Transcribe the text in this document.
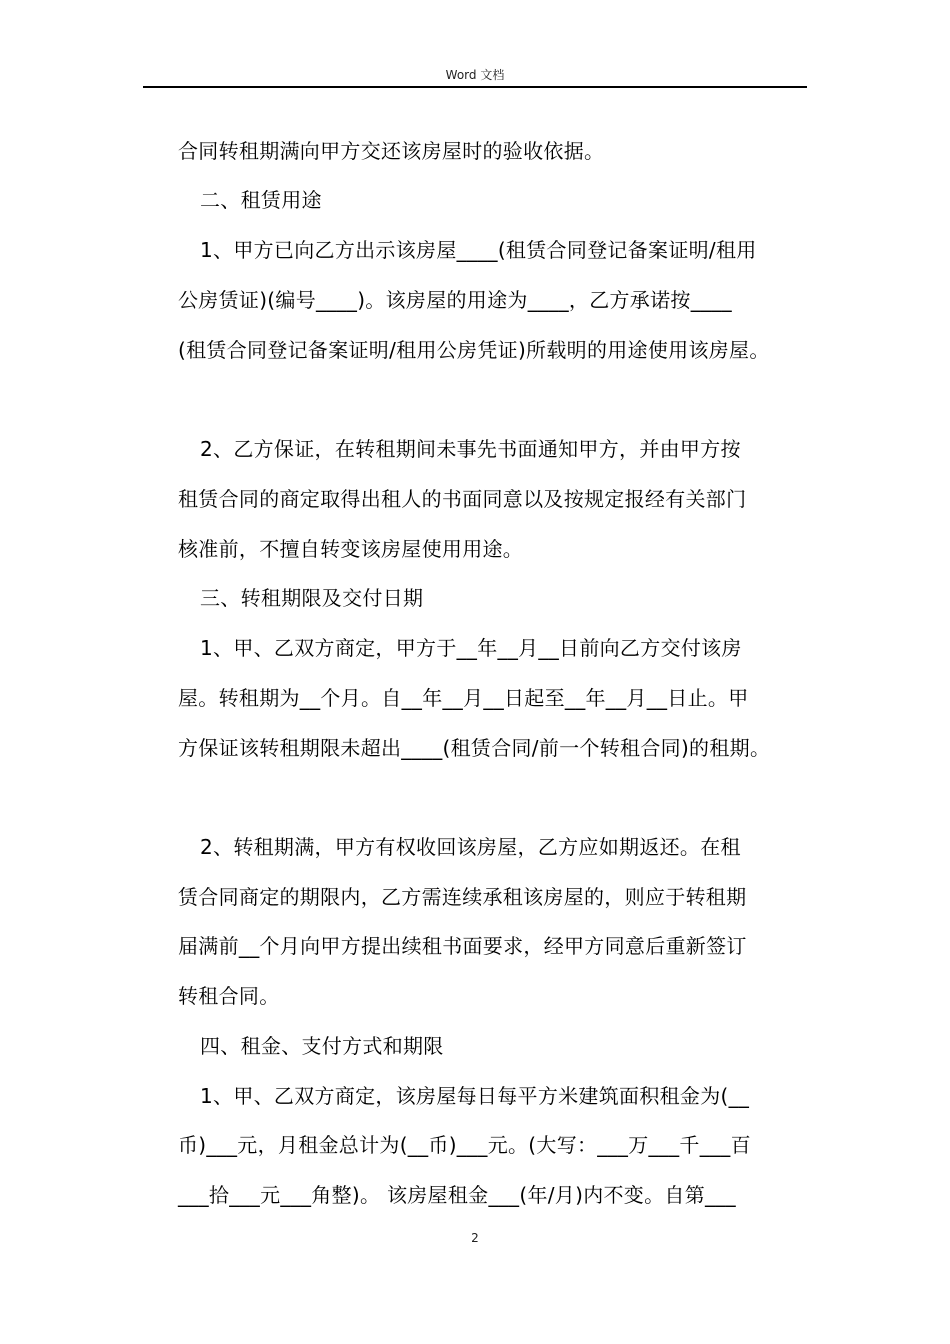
Word 文档
合同转租期满向甲方交还该房屋时的验收依据。
二、租赁用途
1、甲方已向乙方出示该房屋____(租赁合同登记备案证明/租用
公房赁证)(编号____)。该房屋的用途为____，乙方承诺按____
(租赁合同登记备案证明/租用公房凭证)所载明的用途使用该房屋。
2、乙方保证，在转租期间未事先书面通知甲方，并由甲方按
租赁合同的商定取得出租人的书面同意以及按规定报经有关部门
核准前，不擅自转变该房屋使用用途。
三、转租期限及交付日期
1、甲、乙双方商定，甲方于__年__月__日前向乙方交付该房
屋。转租期为__个月。自__年__月__日起至__年__月__日止。甲
方保证该转租期限未超出____(租赁合同/前一个转租合同)的租期。
2、转租期满，甲方有权收回该房屋，乙方应如期返还。在租
赁合同商定的期限内，乙方需连续承租该房屋的，则应于转租期
届满前__个月向甲方提出续租书面要求，经甲方同意后重新签订
转租合同。
四、租金、支付方式和期限
1、甲、乙双方商定，该房屋每日每平方米建筑面积租金为(__
币)___元，月租金总计为(__币)___元。(大写：___万___千___百
___拾___元___角整)。 该房屋租金___(年/月)内不变。自第___
2
